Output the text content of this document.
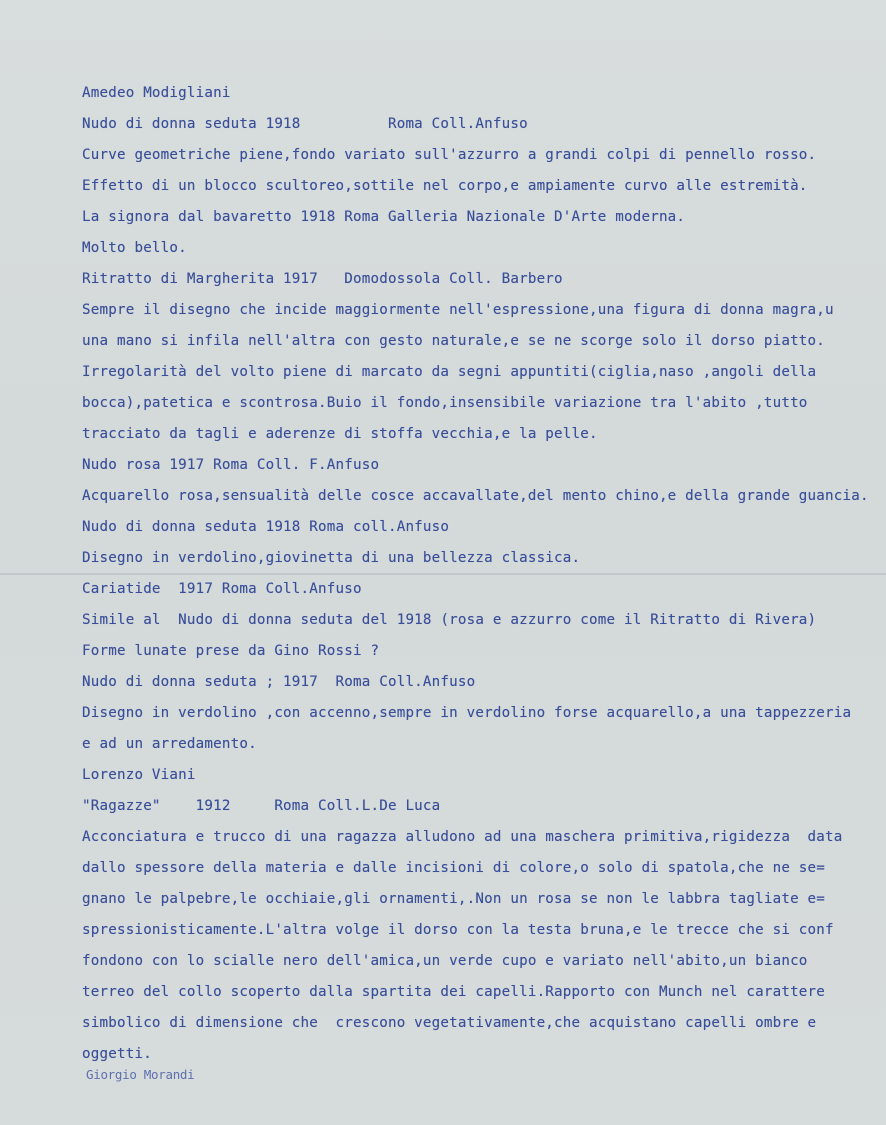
Amedeo Modigliani
Nudo di donna seduta 1918          Roma Coll.Anfuso
Curve geometriche piene,fondo variato sull'azzurro a grandi colpi di pennello rosso.
Effetto di un blocco scultoreo,sottile nel corpo,e ampiamente curvo alle estremità.
La signora dal bavaretto 1918 Roma Galleria Nazionale D'Arte moderna.
Molto bello.
Ritratto di Margherita 1917   Domodossola Coll. Barbero
Sempre il disegno che incide maggiormente nell'espressione,una figura di donna magra,u
una mano si infila nell'altra con gesto naturale,e se ne scorge solo il dorso piatto.
Irregolarità del volto piene di marcato da segni appuntiti(ciglia,naso ,angoli della
bocca),patetica e scontrosa.Buio il fondo,insensibile variazione tra l'abito ,tutto
tracciato da tagli e aderenze di stoffa vecchia,e la pelle.
Nudo rosa 1917 Roma Coll. F.Anfuso
Acquarello rosa,sensualità delle cosce accavallate,del mento chino,e della grande guancia.
Nudo di donna seduta 1918 Roma coll.Anfuso
Disegno in verdolino,giovinetta di una bellezza classica.
Cariatide  1917 Roma Coll.Anfuso
Simile al  Nudo di donna seduta del 1918 (rosa e azzurro come il Ritratto di Rivera)
Forme lunate prese da Gino Rossi ?
Nudo di donna seduta ; 1917  Roma Coll.Anfuso
Disegno in verdolino ,con accenno,sempre in verdolino forse acquarello,a una tappezzeria
e ad un arredamento.
Lorenzo Viani
"Ragazze"    1912     Roma Coll.L.De Luca
Acconciatura e trucco di una ragazza alludono ad una maschera primitiva,rigidezza  data
dallo spessore della materia e dalle incisioni di colore,o solo di spatola,che ne se=
gnano le palpebre,le occhiaie,gli ornamenti,.Non un rosa se non le labbra tagliate e=
spressionisticamente.L'altra volge il dorso con la testa bruna,e le trecce che si conf
fondono con lo scialle nero dell'amica,un verde cupo e variato nell'abito,un bianco
terreo del collo scoperto dalla spartita dei capelli.Rapporto con Munch nel carattere
simbolico di dimensione che  crescono vegetativamente,che acquistano capelli ombre e
oggetti.
Giorgio Morandi
